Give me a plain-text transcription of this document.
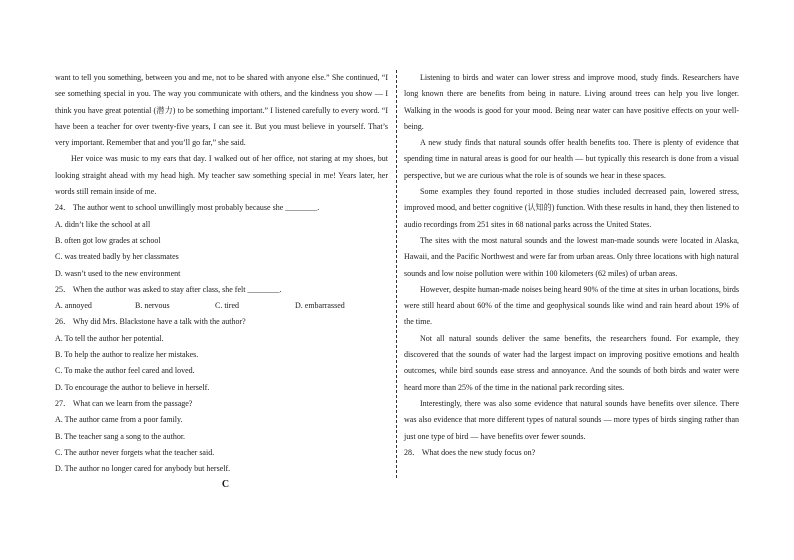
want to tell you something, between you and me, not to be shared with anyone else.” She continued, “I see something special in you. The way you communicate with others, and the kindness you show — I think you have great potential (潜力) to be something important.” I listened carefully to every word. “I have been a teacher for over twenty-five years, I can see it. But you must believe in yourself. That’s very important. Remember that and you’ll go far,” she said.

Her voice was music to my ears that day. I walked out of her office, not staring at my shoes, but looking straight ahead with my head high. My teacher saw something special in me! Years later, her words still remain inside of me.

24． The author went to school unwillingly most probably because she ________.

A. didn’t like the school at all

B. often got low grades at school

C. was treated badly by her classmates

D. wasn’t used to the new environment

25． When the author was asked to stay after class, she felt ________.

A. annoyed	B. nervous	C. tired	D. embarrassed

26． Why did Mrs. Blackstone have a talk with the author?

A. To tell the author her potential.

B. To help the author to realize her mistakes.

C. To make the author feel cared and loved.

D. To encourage the author to believe in herself.

27． What can we learn from the passage?

A. The author came from a poor family.

B. The teacher sang a song to the author.

C. The author never forgets what the teacher said.

D. The author no longer cared for anybody but herself.

C

Listening to birds and water can lower stress and improve mood, study finds. Researchers have long known there are benefits from being in nature. Living around trees can help you live longer. Walking in the woods is good for your mood. Being near water can have positive effects on your well-being.

A new study finds that natural sounds offer health benefits too. There is plenty of evidence that spending time in natural areas is good for our health — but typically this research is done from a visual perspective, but we are curious what the role is of sounds we hear in these spaces.

Some examples they found reported in those studies included decreased pain, lowered stress, improved mood, and better cognitive (认知的) function. With these results in hand, they then listened to audio recordings from 251 sites in 68 national parks across the United States.

The sites with the most natural sounds and the lowest man-made sounds were located in Alaska, Hawaii, and the Pacific Northwest and were far from urban areas. Only three locations with high natural sounds and low noise pollution were within 100 kilometers (62 miles) of urban areas.

However, despite human-made noises being heard 90% of the time at sites in urban locations, birds were still heard about 60% of the time and geophysical sounds like wind and rain heard about 19% of the time.

Not all natural sounds deliver the same benefits, the researchers found. For example, they discovered that the sounds of water had the largest impact on improving positive emotions and health outcomes, while bird sounds ease stress and annoyance. And the sounds of both birds and water were heard more than 25% of the time in the national park recording sites.

Interestingly, there was also some evidence that natural sounds have benefits over silence. There was also evidence that more different types of natural sounds — more types of birds singing rather than just one type of bird — have benefits over fewer sounds.

28． What does the new study focus on?
